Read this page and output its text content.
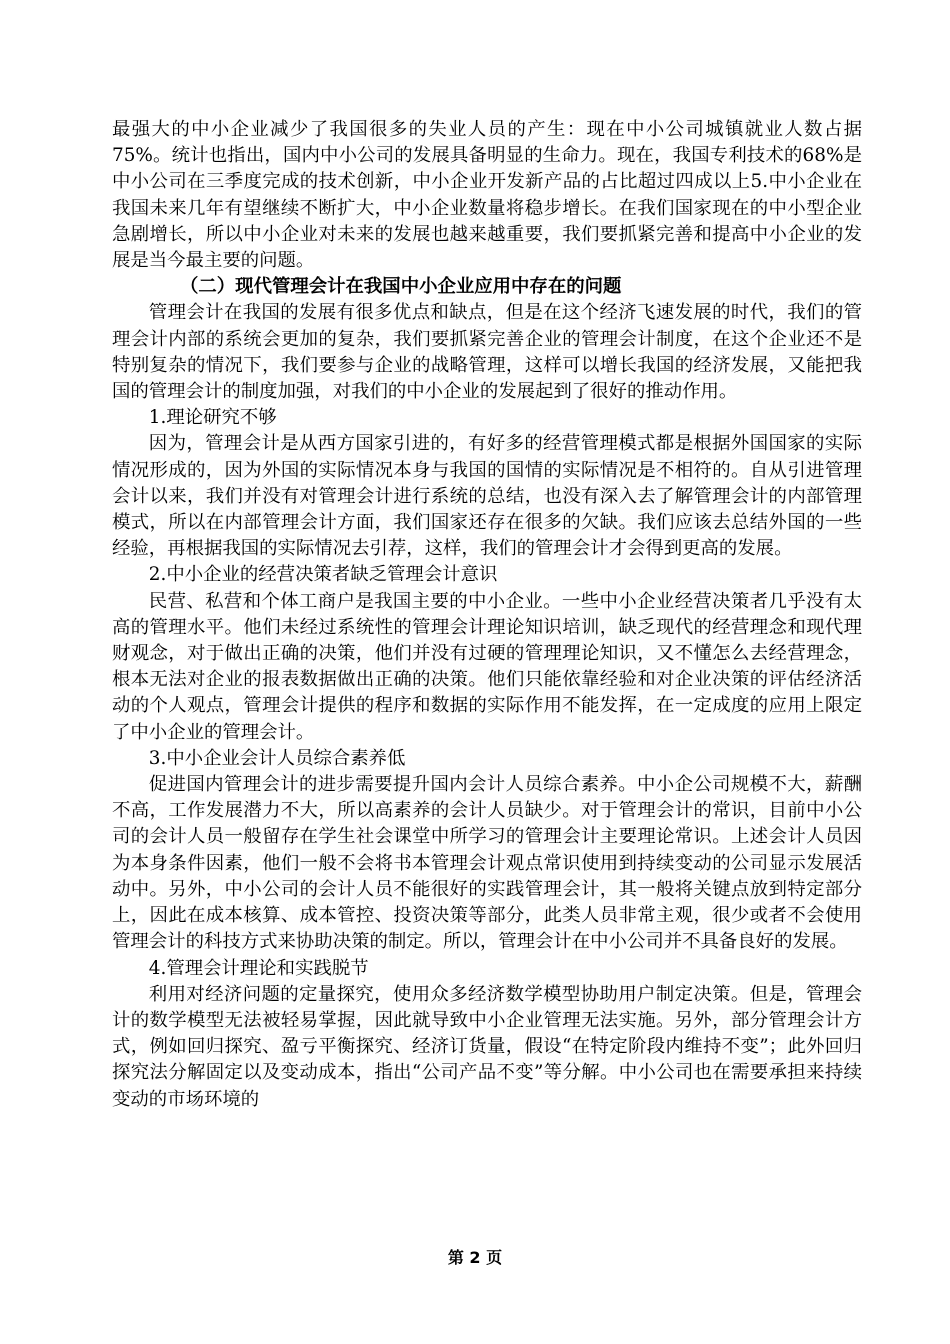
最强大的中小企业减少了我国很多的失业人员的产生：现在中小公司城镇就业人数占据75%。统计也指出，国内中小公司的发展具备明显的生命力。现在，我国专利技术的68%是中小公司在三季度完成的技术创新，中小企业开发新产品的占比超过四成以上5.中小企业在我国未来几年有望继续不断扩大，中小企业数量将稳步增长。在我们国家现在的中小型企业急剧增长，所以中小企业对未来的发展也越来越重要，我们要抓紧完善和提高中小企业的发展是当今最主要的问题。

（二）现代管理会计在我国中小企业应用中存在的问题

管理会计在我国的发展有很多优点和缺点，但是在这个经济飞速发展的时代，我们的管理会计内部的系统会更加的复杂，我们要抓紧完善企业的管理会计制度，在这个企业还不是特别复杂的情况下，我们要参与企业的战略管理，这样可以增长我国的经济发展，又能把我国的管理会计的制度加强，对我们的中小企业的发展起到了很好的推动作用。

1.理论研究不够

因为，管理会计是从西方国家引进的，有好多的经营管理模式都是根据外国国家的实际情况形成的，因为外国的实际情况本身与我国的国情的实际情况是不相符的。自从引进管理会计以来，我们并没有对管理会计进行系统的总结，也没有深入去了解管理会计的内部管理模式，所以在内部管理会计方面，我们国家还存在很多的欠缺。我们应该去总结外国的一些经验，再根据我国的实际情况去引荐，这样，我们的管理会计才会得到更高的发展。

2.中小企业的经营决策者缺乏管理会计意识

民营、私营和个体工商户是我国主要的中小企业。一些中小企业经营决策者几乎没有太高的管理水平。他们未经过系统性的管理会计理论知识培训，缺乏现代的经营理念和现代理财观念，对于做出正确的决策，他们并没有过硬的管理理论知识，又不懂怎么去经营理念，根本无法对企业的报表数据做出正确的决策。他们只能依靠经验和对企业决策的评估经济活动的个人观点，管理会计提供的程序和数据的实际作用不能发挥，在一定成度的应用上限定了中小企业的管理会计。

3.中小企业会计人员综合素养低

促进国内管理会计的进步需要提升国内会计人员综合素养。中小企公司规模不大，薪酬不高，工作发展潜力不大，所以高素养的会计人员缺少。对于管理会计的常识，目前中小公司的会计人员一般留存在学生社会课堂中所学习的管理会计主要理论常识。上述会计人员因为本身条件因素，他们一般不会将书本管理会计观点常识使用到持续变动的公司显示发展活动中。另外，中小公司的会计人员不能很好的实践管理会计，其一般将关键点放到特定部分上，因此在成本核算、成本管控、投资决策等部分，此类人员非常主观，很少或者不会使用管理会计的科技方式来协助决策的制定。所以，管理会计在中小公司并不具备良好的发展。

4.管理会计理论和实践脱节

利用对经济问题的定量探究，使用众多经济数学模型协助用户制定决策。但是，管理会计的数学模型无法被轻易掌握，因此就导致中小企业管理无法实施。另外，部分管理会计方式，例如回归探究、盈亏平衡探究、经济订货量，假设“在特定阶段内维持不变”；此外回归探究法分解固定以及变动成本，指出“公司产品不变”等分解。中小公司也在需要承担来持续变动的市场环境的

第 2 页
